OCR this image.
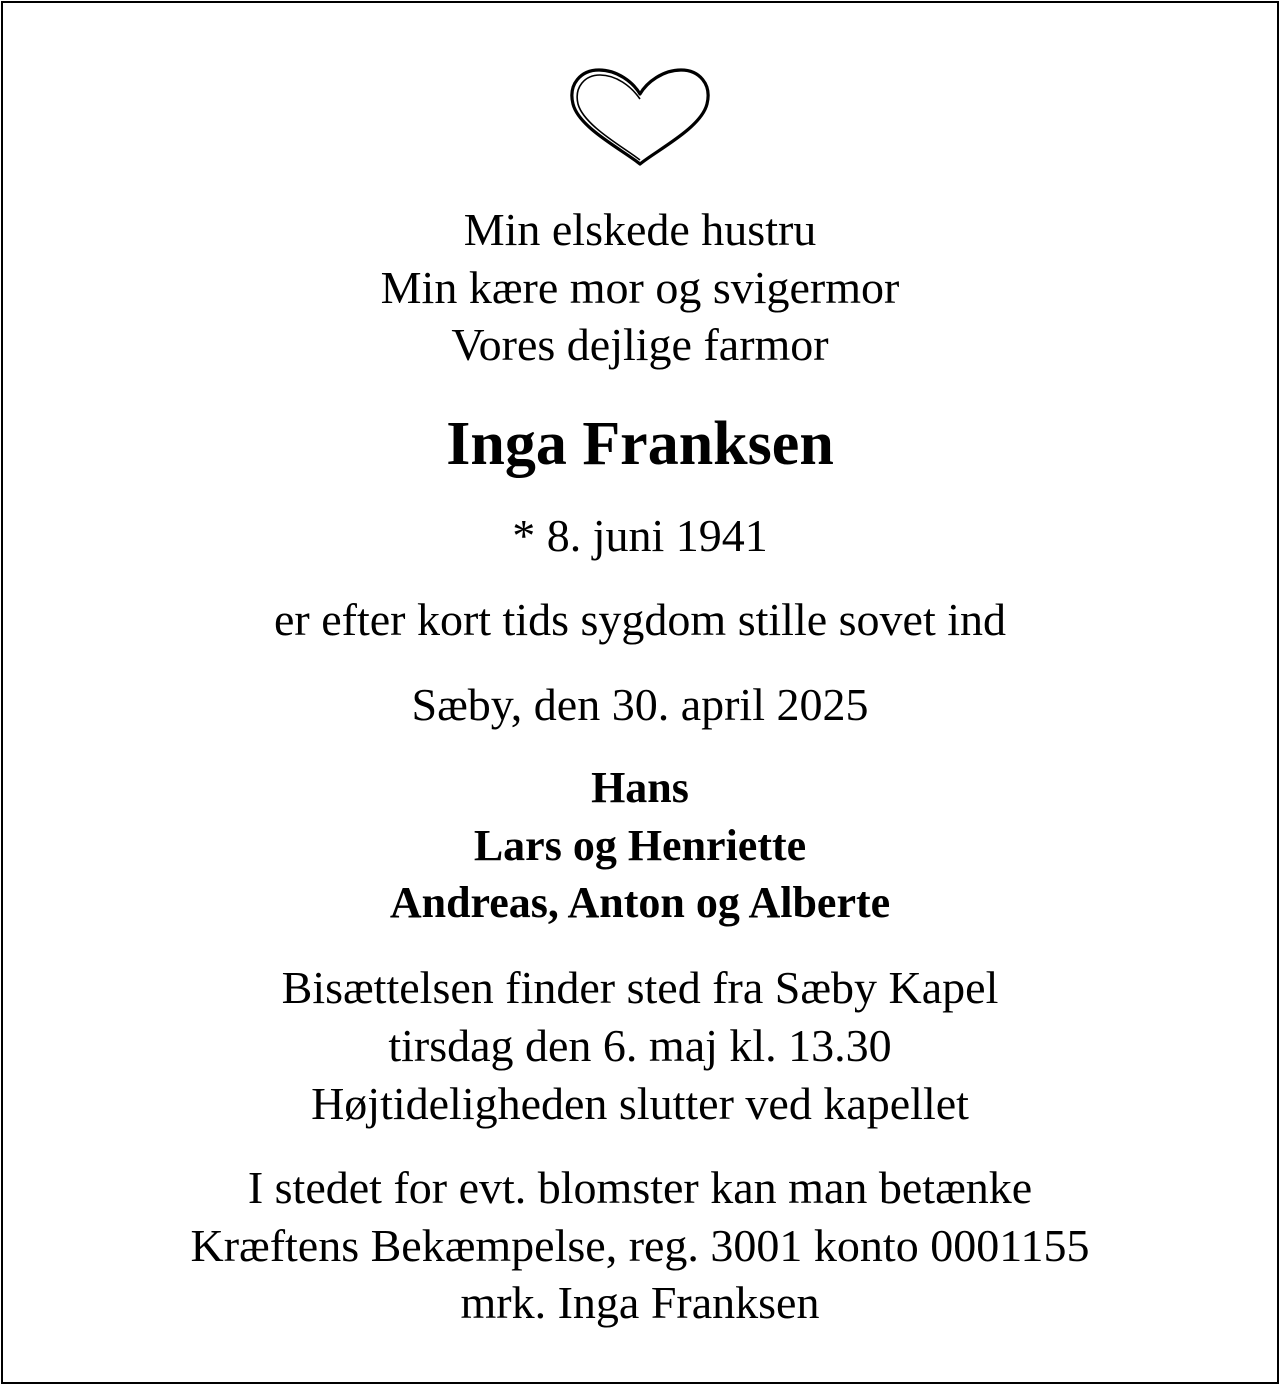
Min elskede hustru
Min kære mor og svigermor
Vores dejlige farmor
Inga Franksen
* 8. juni 1941
er efter kort tids sygdom stille sovet ind
Sæby, den 30. april 2025
Hans
Lars og Henriette
Andreas, Anton og Alberte
Bisættelsen finder sted fra Sæby Kapel
tirsdag den 6. maj kl. 13.30
Højtideligheden slutter ved kapellet
I stedet for evt. blomster kan man betænke
Kræftens Bekæmpelse, reg. 3001 konto 0001155
mrk. Inga Franksen
